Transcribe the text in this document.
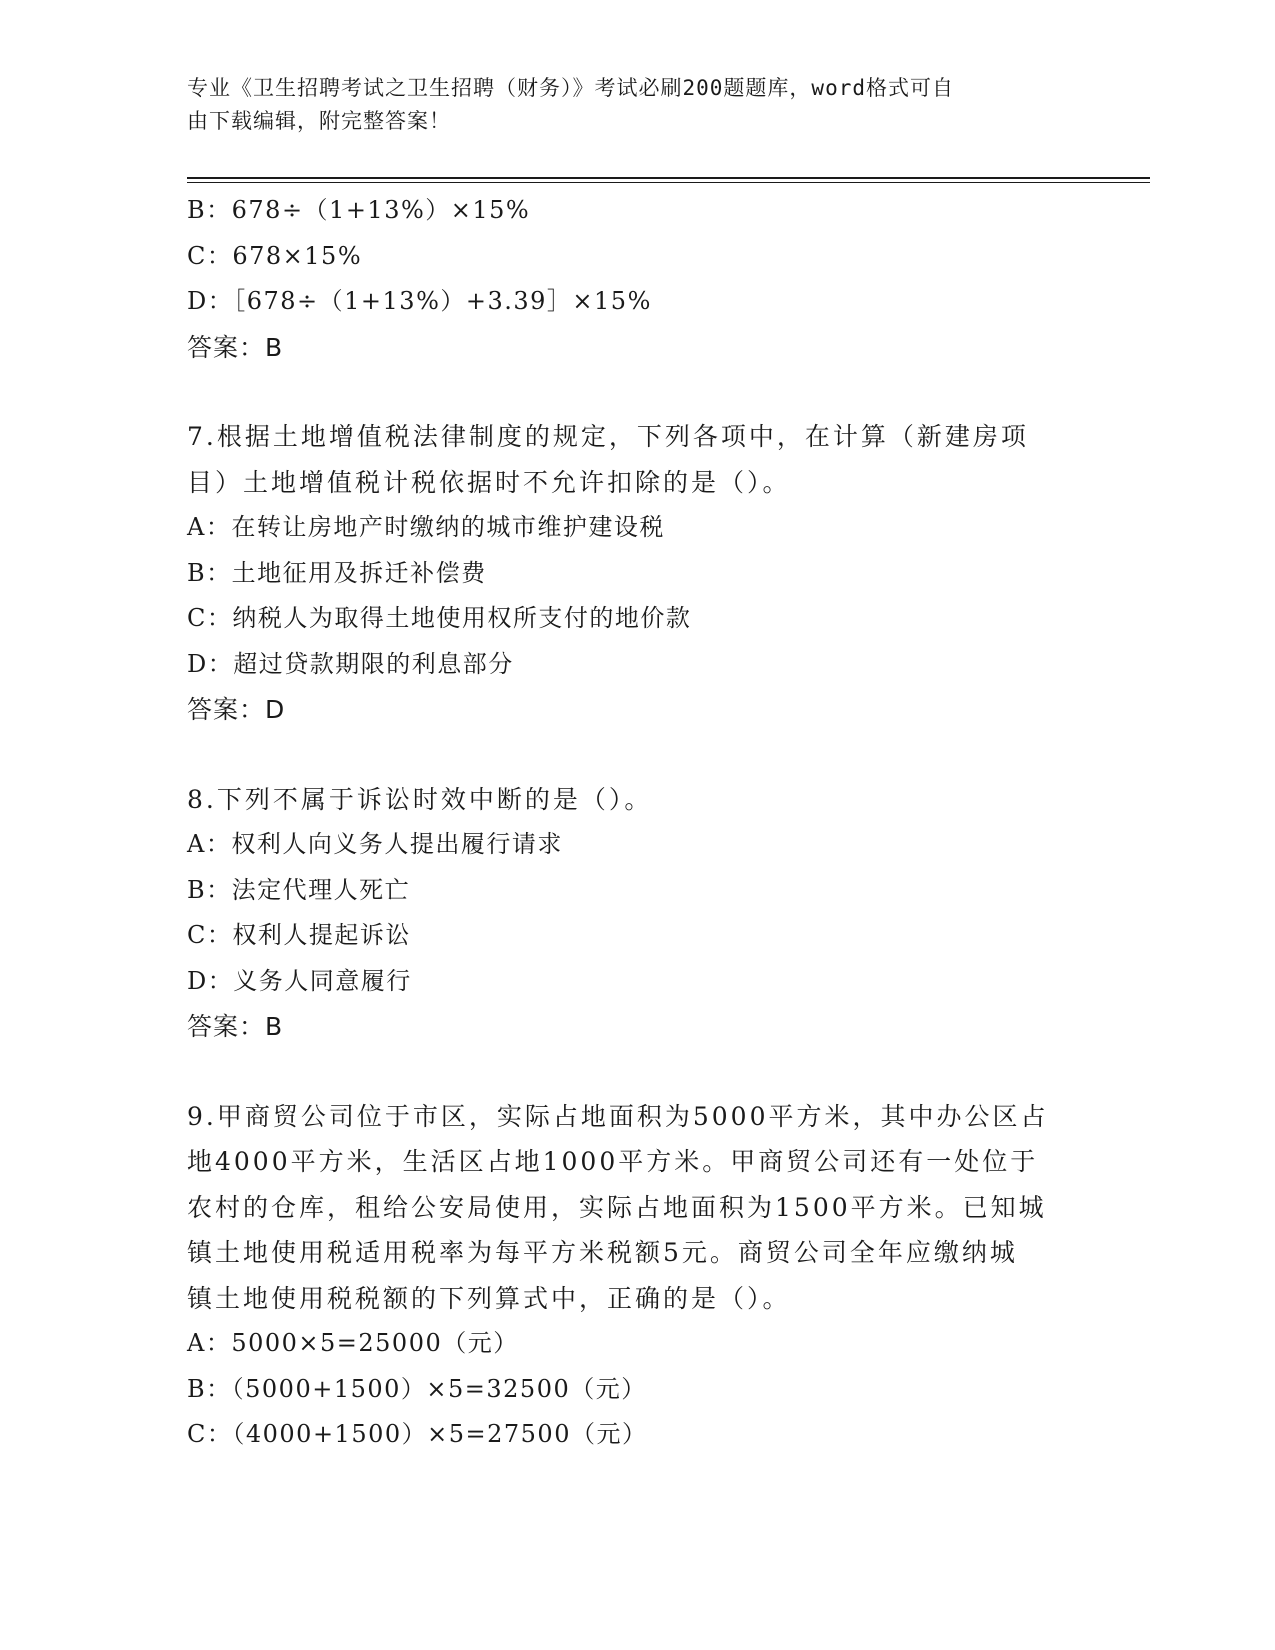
专业《卫生招聘考试之卫生招聘（财务）》考试必刷200题题库，word格式可自
由下载编辑，附完整答案！
B：678÷（1+13%）×15%
C：678×15%
D：［678÷（1+13%）+3.39］×15%
答案：B
7.根据土地增值税法律制度的规定，下列各项中，在计算（新建房项
目）土地增值税计税依据时不允许扣除的是（）。
A：在转让房地产时缴纳的城市维护建设税
B：土地征用及拆迁补偿费
C：纳税人为取得土地使用权所支付的地价款
D：超过贷款期限的利息部分
答案：D
8.下列不属于诉讼时效中断的是（）。
A：权利人向义务人提出履行请求
B：法定代理人死亡
C：权利人提起诉讼
D：义务人同意履行
答案：B
9.甲商贸公司位于市区，实际占地面积为5000平方米，其中办公区占
地4000平方米，生活区占地1000平方米。甲商贸公司还有一处位于
农村的仓库，租给公安局使用，实际占地面积为1500平方米。已知城
镇土地使用税适用税率为每平方米税额5元。商贸公司全年应缴纳城
镇土地使用税税额的下列算式中，正确的是（）。
A：5000×5=25000（元）
B：（5000+1500）×5=32500（元）
C：（4000+1500）×5=27500（元）
